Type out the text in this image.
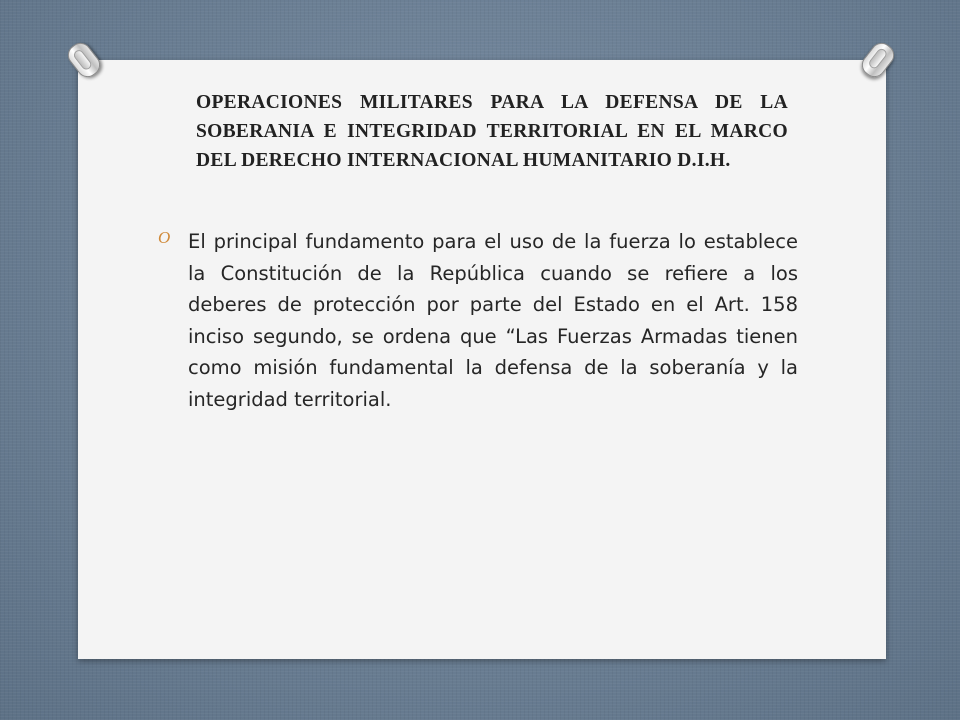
OPERACIONES MILITARES PARA LA DEFENSA DE LA SOBERANIA E INTEGRIDAD TERRITORIAL EN EL MARCO DEL DERECHO INTERNACIONAL HUMANITARIO D.I.H.
O El principal fundamento para el uso de la fuerza lo establece la Constitución de la República cuando se refiere a los deberes de protección por parte del Estado en el Art. 158 inciso segundo, se ordena que “Las Fuerzas Armadas tienen como misión fundamental la defensa de la soberanía y la integridad territorial.
